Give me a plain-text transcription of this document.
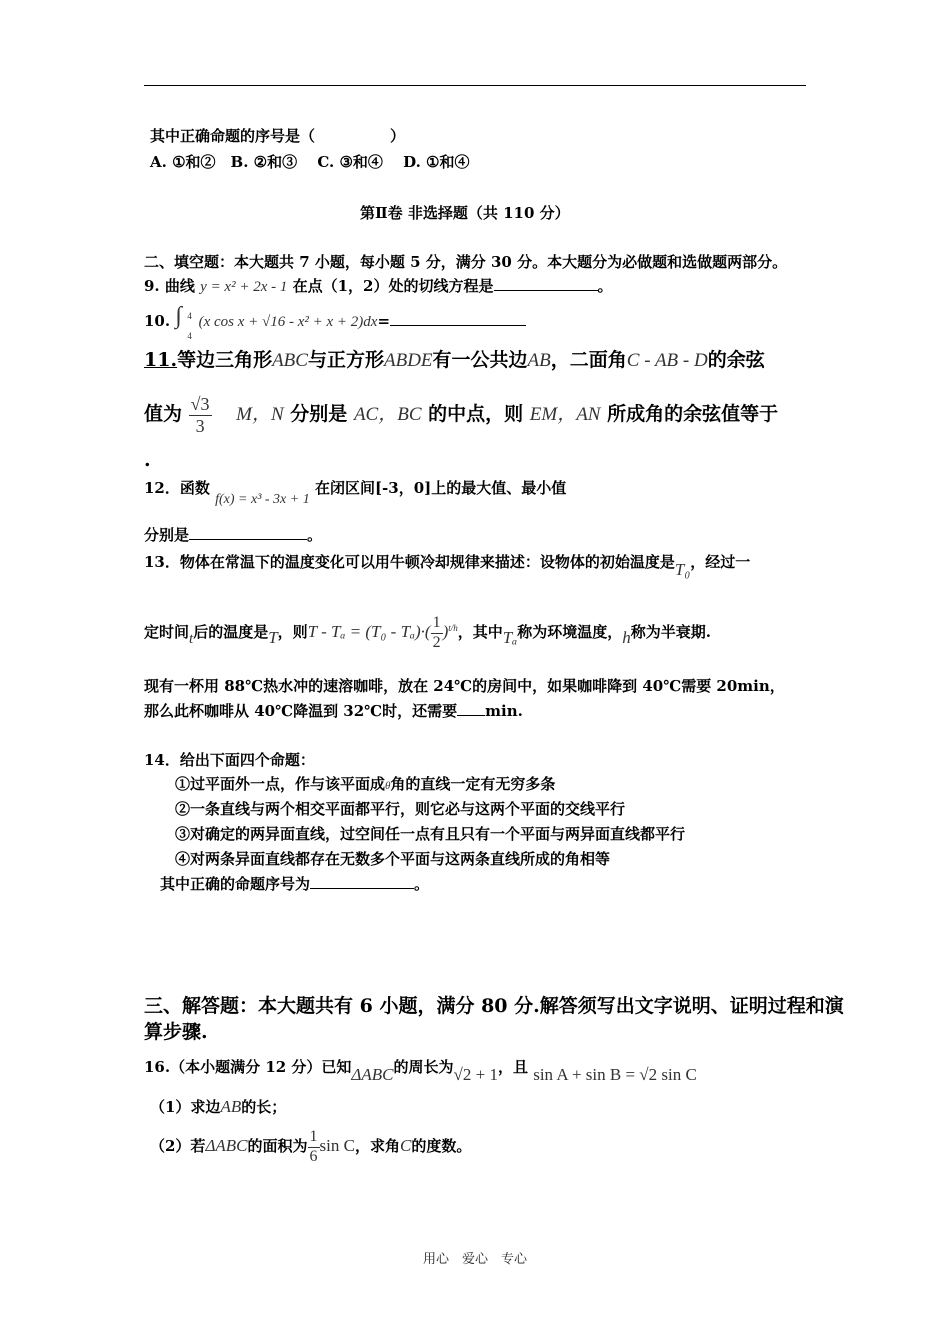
其中正确命题的序号是（　　　　　）
A. ①和②　B. ②和③　 C. ③和④　 D. ①和④
第Ⅱ卷 非选择题（共 110 分）
二、填空题：本大题共 7 小题，每小题 5 分，满分 30 分。本大题分为必做题和选做题两部分。
9. 曲线 y = x² + 2x - 1 在点（1，2）处的切线方程是	。
10. ∫ 4
4
(x cos x + √16 - x² + x + 2)dx=
11.等边三角形ABC与正方形ABDE有一公共边AB，二面角C - AB - D的余弦
值为 $\frac{√3}{3}$ M，N 分别是 AC，BC 的中点，则 EM，AN 所成角的余弦值等于
.
12．函数 f(x) = x³ - 3x + 1 在闭区间[-3，0]上的最大值、最小值
分别是	。
13．物体在常温下的温度变化可以用牛顿冷却规律来描述：设物体的初始温度是T₀，经过一
定时间t后的温度是T，则$T - T_a = (T_0 - T_a)\cdot( \frac{1}{2} )^{t/h}$，其中Tₐ称为环境温度，h称为半衰期.
现有一杯用 88℃热水冲的速溶咖啡，放在 24℃的房间中，如果咖啡降到 40℃需要 20min，
那么此杯咖啡从 40℃降温到 32℃时，还需要 min.
14．给出下面四个命题：
①过平面外一点，作与该平面成θ角的直线一定有无穷多条
②一条直线与两个相交平面都平行，则它必与这两个平面的交线平行
③对确定的两异面直线，过空间任一点有且只有一个平面与两异面直线都平行
④对两条异面直线都存在无数多个平面与这两条直线所成的角相等
其中正确的命题序号为	。
三、解答题：本大题共有 6 小题，满分 80 分.解答须写出文字说明、证明过程和演
算步骤.
16.（本小题满分 12 分）已知ΔABC的周长为√2 + 1，且 sin A + sin B = √2 sin C
（1）求边AB的长；
（2）若ΔABC的面积为 $\frac{1}{6}$ sin C，求角C的度数。
用心　爱心　专心
